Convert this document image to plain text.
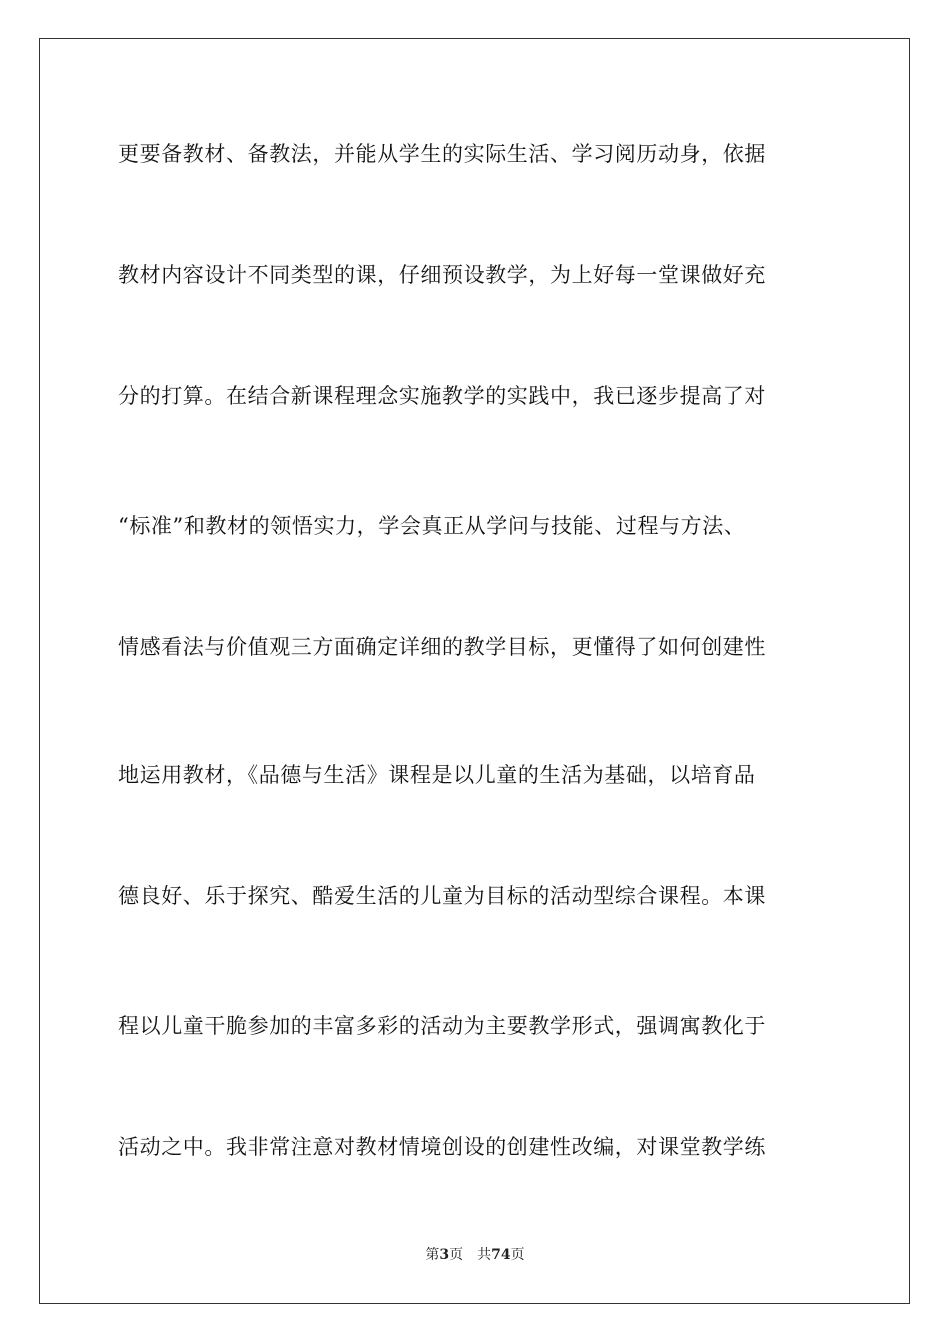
更要备教材、备教法，并能从学生的实际生活、学习阅历动身，依据
教材内容设计不同类型的课，仔细预设教学，为上好每一堂课做好充
分的打算。在结合新课程理念实施教学的实践中，我已逐步提高了对
“标准”和教材的领悟实力，学会真正从学问与技能、过程与方法、
情感看法与价值观三方面确定详细的教学目标，更懂得了如何创建性
地运用教材，《品德与生活》课程是以儿童的生活为基础，以培育品
德良好、乐于探究、酷爱生活的儿童为目标的活动型综合课程。本课
程以儿童干脆参加的丰富多彩的活动为主要教学形式，强调寓教化于
活动之中。我非常注意对教材情境创设的创建性改编，对课堂教学练
第3页 共74页
